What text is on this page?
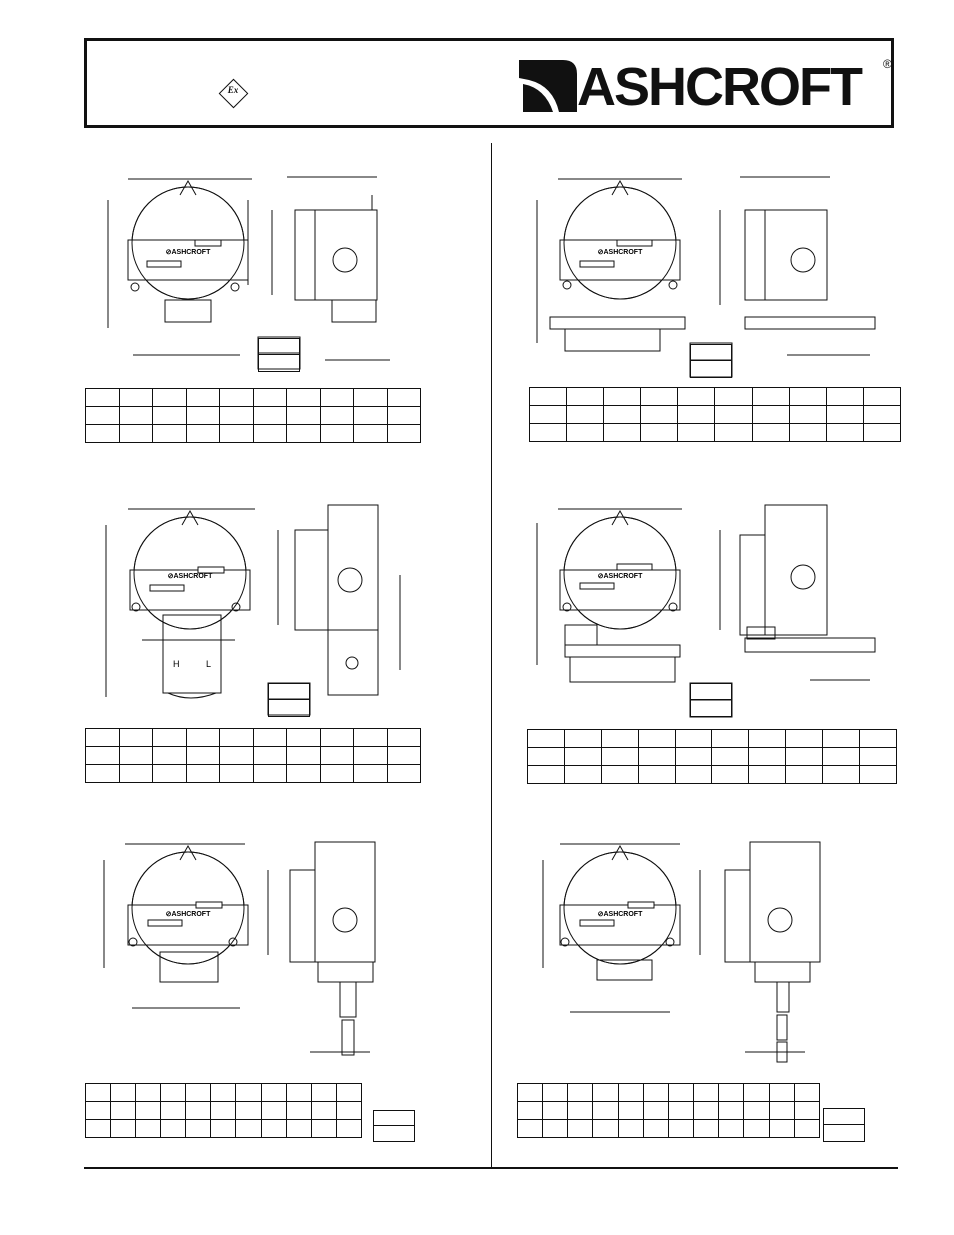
Ex	ASHCROFT ®
⊘ASHCROFT

										⊘ASHCROFT

⊘ASHCROFT
H	L

⊘ASHCROFT

⊘ASHCROFT

											⊘ASHCROFT
